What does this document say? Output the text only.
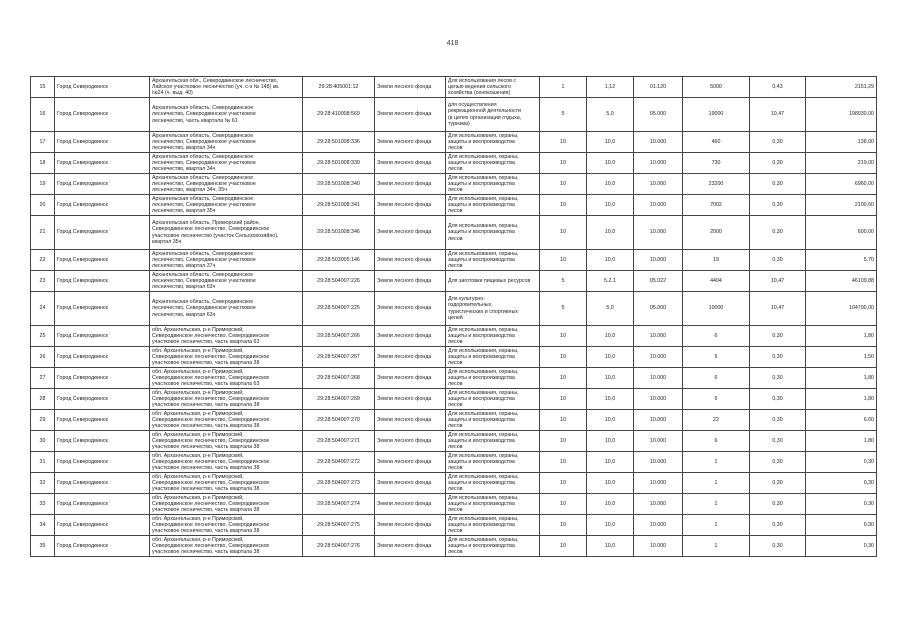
418
15	Город Северодвинск	Архангельская обл., Северодвинское лесничество,
Лайское участковое лесничество (уч. с-з № 148) кв.
№24 (ч. выд. 40)	29:28:405001:12	Земли лесного фонда	Для использования лесов с
целью ведения сельского
хозяйства (сенокошения)	1	1,12	01.120	5000	0,43	2151,29
16	Город Северодвинск	Архангельская область, Северодвинское
лесничество, Северодвинское участковое
лесничество, часть квартала № 61	29:28:410008:569	Земли лесного фонда	для осуществления
рекреационной деятельности
(в целях организации отдыха,
туризма)	5	5,0	05.000	19000	10,47	198930,00
17	Город Северодвинск	Архангельская область, Северодвинское
лесничество, Северодвинское участковое
лесничество, квартал 34ч	29:28:501008:336	Земли лесного фонда	Для использования, охраны,
защиты и воспроизводства
лесов	10	10,0	10.000	460	0,30	138,00
18	Город Северодвинск	Архангельская область, Северодвинское
лесничество, Северодвинское участковое
лесничество, квартал 34ч	29:28:501008:339	Земли лесного фонда	Для использования, охраны,
защиты и воспроизводства
лесов	10	10,0	10.000	730	0,30	219,00
19	Город Северодвинск	Архангельская область, Северодвинское
лесничество, Северодвинское участковое
лесничество, квартал 34ч, 35ч	29:28:501008:340	Земли лесного фонда	Для использования, охраны,
защиты и воспроизводства
лесов	10	10,0	10.000	23200	0,30	6960,00
20	Город Северодвинск	Архангельская область, Северодвинское
лесничество, Северодвинское участковое
лесничество, квартал 35ч	29:28:501008:341	Земли лесного фонда	Для использования, охраны,
защиты и воспроизводства
лесов	10	10,0	10.000	7002	0,30	2100,60
21	Город Северодвинск	Архангельская область, Приморский район,
Северодвинское лесничество, Северодвинское
участковое лесничество (участок Сельскохозяйно),
квартал 35ч	29:28:501008:346	Земли лесного фонда	Для использования, охраны,
защиты и воспроизводства
лесов	10	10,0	10.000	2000	0,30	600,00
22	Город Северодвинск	Архангельская область, Северодвинское
лесничество, Северодвинское участковое
лесничество, квартал 37ч	29:28:503005:146	Земли лесного фонда	Для использования, охраны,
защиты и воспроизводства
лесов	10	10,0	10.000	19	0,30	5,70
23	Город Северодвинск	Архангельская область, Северодвинское
лесничество, Северодвинское участковое
лесничество, квартал 63ч	29:28:504007:226	Земли лесного фонда	Для заготовки пищевых ресурсов	5	5.2.1	05.022	4404	10,47	46109,88
24	Город Северодвинск	Архангельская область, Северодвинское
лесничество, Северодвинское участковое
лесничество, квартал 63ч	29:28:504007:225	Земли лесного фонда	Для культурно-
оздоровительных,
туристических и спортивных
целей	5	5,0	05.000	10000	10,47	104700,00
25	Город Северодвинск	обл. Архангельская, р-н Приморский,
Северодвинское лесничество, Северодвинское
участковое лесничество, часть квартала 63	29:28:504007:266	Земли лесного фонда	Для использования, охраны,
защиты и воспроизводства
лесов	10	10,0	10.000	6	0,30	1,80
26	Город Северодвинск	обл. Архангельская, р-н Приморский,
Северодвинское лесничество, Северодвинское
участковое лесничество, часть квартала 38	29:28:504007:267	Земли лесного фонда	Для использования, охраны,
защиты и воспроизводства
лесов	10	10,0	10.000	5	0,30	1,50
27	Город Северодвинск	обл. Архангельская, р-н Приморский,
Северодвинское лесничество, Северодвинское
участковое лесничество, часть квартала 63	29:28:504007:268	Земли лесного фонда	Для использования, охраны,
защиты и воспроизводства
лесов	10	10,0	10.000	6	0,30	1,80
28	Город Северодвинск	обл. Архангельская, р-н Приморский,
Северодвинское лесничество, Северодвинское
участковое лесничество, часть квартала 38	29:28:504007:269	Земли лесного фонда	Для использования, охраны,
защиты и воспроизводства
лесов	10	10,0	10.000	6	0,30	1,80
29	Город Северодвинск	обл. Архангельская, р-н Приморский,
Северодвинское лесничество, Северодвинское
участковое лесничество, часть квартала 38	29:28:504007:270	Земли лесного фонда	Для использования, охраны,
защиты и воспроизводства
лесов	10	10,0	10.000	22	0,30	6,60
30	Город Северодвинск	обл. Архангельская, р-н Приморский,
Северодвинское лесничество, Северодвинское
участковое лесничество, часть квартала 38	29:28:504007:271	Земли лесного фонда	Для использования, охраны,
защиты и воспроизводства
лесов	10	10,0	10.000	6	0,30	1,80
31	Город Северодвинск	обл. Архангельская, р-н Приморский,
Северодвинское лесничество, Северодвинское
участковое лесничество, часть квартала 38	29:28:504007:272	Земли лесного фонда	Для использования, охраны,
защиты и воспроизводства
лесов	10	10,0	10.000	1	0,30	0,30
32	Город Северодвинск	обл. Архангельская, р-н Приморский,
Северодвинское лесничество, Северодвинское
участковое лесничество, часть квартала 38	29:28:504007:273	Земли лесного фонда	Для использования, охраны,
защиты и воспроизводства
лесов	10	10,0	10.000	1	0,30	0,30
33	Город Северодвинск	обл. Архангельская, р-н Приморский,
Северодвинское лесничество, Северодвинское
участковое лесничество, часть квартала 38	29:28:504007:274	Земли лесного фонда	Для использования, охраны,
защиты и воспроизводства
лесов	10	10,0	10.000	1	0,30	0,30
34	Город Северодвинск	обл. Архангельская, р-н Приморский,
Северодвинское лесничество, Северодвинское
участковое лесничество, часть квартала 38	29:28:504007:275	Земли лесного фонда	Для использования, охраны,
защиты и воспроизводства
лесов	10	10,0	10.000	1	0,30	0,30
35	Город Северодвинск	обл. Архангельская, р-н Приморский,
Северодвинское лесничество, Северодвинское
участковое лесничество, часть квартала 38	29:28:504007:276	Земли лесного фонда	Для использования, охраны,
защиты и воспроизводства
лесов	10	10,0	10.000	1	0,30	0,30
